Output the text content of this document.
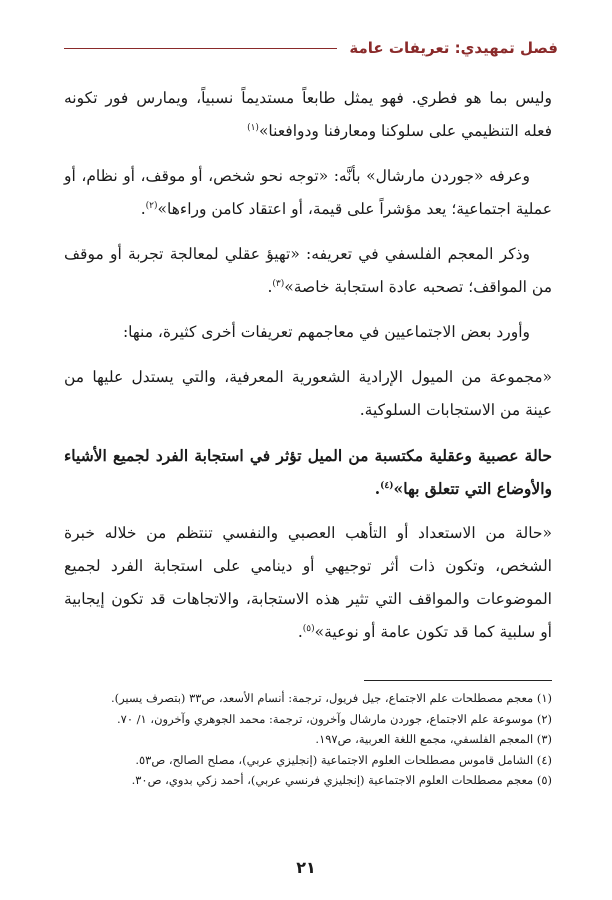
فصل تمهيدي: تعريفات عامة

وليس بما هو فطري. فهو يمثل طابعاً مستديماً نسبياً، ويمارس فور تكونه فعله التنظيمي على سلوكنا ومعارفنا ودوافعنا»$^{(١)}$

وعرفه «جوردن مارشال» بأنَّه: «توجه نحو شخص، أو موقف، أو نظام، أو عملية اجتماعية؛ يعد مؤشراً على قيمة، أو اعتقاد كامن وراءها»$^{(٢)}$.

وذكر المعجم الفلسفي في تعريفه: «تهيؤ عقلي لمعالجة تجربة أو موقف من المواقف؛ تصحبه عادة استجابة خاصة»$^{(٣)}$.

وأورد بعض الاجتماعيين في معاجمهم تعريفات أخرى كثيرة، منها:

«مجموعة من الميول الإرادية الشعورية المعرفية، والتي يستدل عليها من عينة من الاستجابات السلوكية.

حالة عصبية وعقلية مكتسبة من الميل تؤثر في استجابة الفرد لجميع الأشياء والأوضاع التي تتعلق بها»$^{(٤)}$.

«حالة من الاستعداد أو التأهب العصبي والنفسي تنتظم من خلاله خبرة الشخص، وتكون ذات أثر توجيهي أو دينامي على استجابة الفرد لجميع الموضوعات والمواقف التي تثير هذه الاستجابة، والاتجاهات قد تكون إيجابية أو سلبية كما قد تكون عامة أو نوعية»$^{(٥)}$.

(١) معجم مصطلحات علم الاجتماع، جيل فريول، ترجمة: أنسام الأسعد، ص٣٣ (بتصرف يسير).
(٢) موسوعة علم الاجتماع، جوردن مارشال وآخرون، ترجمة: محمد الجوهري وآخرون، ١/ ٧٠.
(٣) المعجم الفلسفي، مجمع اللغة العربية، ص١٩٧.
(٤) الشامل قاموس مصطلحات العلوم الاجتماعية (إنجليزي عربي)، مصلح الصالح، ص٥٣.
(٥) معجم مصطلحات العلوم الاجتماعية (إنجليزي فرنسي عربي)، أحمد زكي بدوي، ص٣٠.
٢١
